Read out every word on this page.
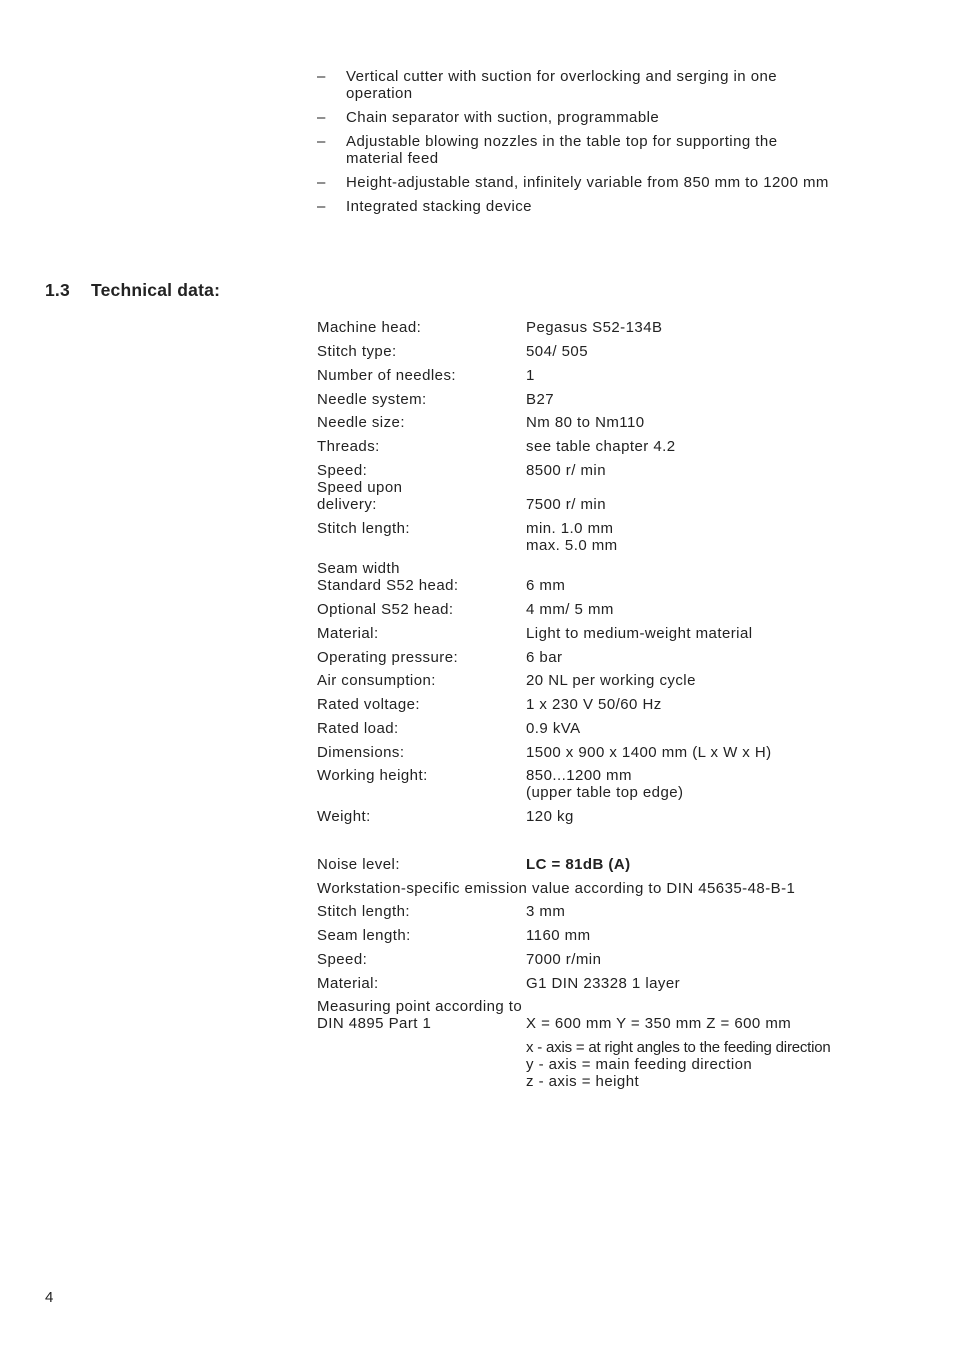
–	Vertical cutter with suction for overlocking and serging in one operation
–	Chain separator with suction, programmable
–	Adjustable blowing nozzles in the table top for supporting the material feed
–	Height-adjustable stand, infinitely variable from 850 mm to 1200 mm
–	Integrated stacking device
1.3 Technical data:
Machine head:	Pegasus S52-134B
Stitch type:	504/ 505
Number of needles:	1
Needle system:	B27
Needle size:	Nm 80 to Nm110
Threads:	see table chapter 4.2
Speed:	8500 r/ min
Speed upon
delivery:	7500 r/ min
Stitch length:	min. 1.0 mm
max. 5.0 mm
Seam width
Standard S52 head:	6 mm
Optional S52 head:	4 mm/ 5 mm
Material:	Light to medium-weight material
Operating pressure:	6 bar
Air consumption:	20 NL per working cycle
Rated voltage:	1 x 230 V 50/60 Hz
Rated load:	0.9 kVA
Dimensions:	1500 x 900 x 1400 mm (L x W x H)
Working height:	850...1200 mm
(upper table top edge)
Weight:	120 kg
Noise level:	LC = 81dB (A)
Workstation-specific emission value according to DIN 45635-48-B-1
Stitch length:	3 mm
Seam length:	1160 mm
Speed:	7000 r/min
Material:	G1 DIN 23328 1 layer
Measuring point according to
DIN 4895 Part 1	X = 600 mm Y = 350 mm Z = 600 mm
x - axis = at right angles to the feeding direction
y - axis = main feeding direction
z - axis = height
4
